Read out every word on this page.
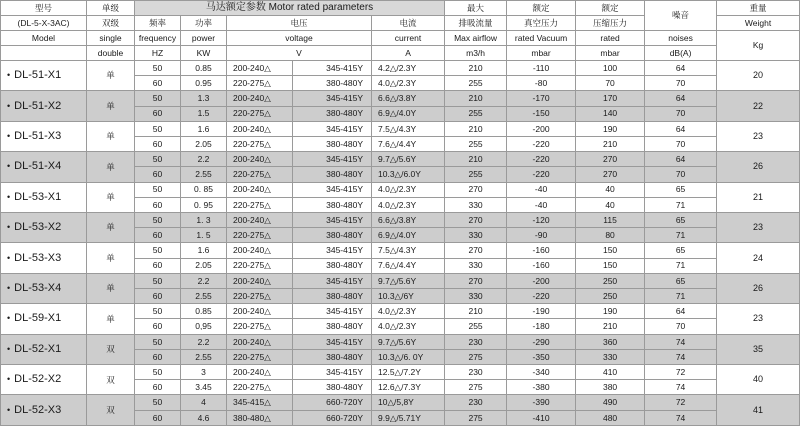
型号	单级	马达额定参数 Motor rated parameters					最大	额定	额定	噪音	重量
(DL-5-X-3AC)	双级	频率	功率	电压		电流	排吸流量	真空压力	压缩压力		Weight
Model	single	frequency	power	voltage		current	Max airflow	rated Vacuum	rated	noises	Kg
	double	HZ	KW	V		A	m3/h	mbar	mbar	dB(A)	
• DL-51-X1	单	50	0.85	200-240△	345-415Y	4.2△/2.3Y	210	-110	100	64	20
		60	0.95	220-275△	380-480Y	4.0△/2.3Y	255	-80	70	70	
• DL-51-X2	单	50	1.3	200-240△	345-415Y	6.6△/3.8Y	210	-170	170	64	22
		60	1.5	220-275△	380-480Y	6.9△/4.0Y	255	-150	140	70	
• DL-51-X3	单	50	1.6	200-240△	345-415Y	7.5△/4.3Y	210	-200	190	64	23
		60	2.05	220-275△	380-480Y	7.6△/4.4Y	255	-220	210	70	
• DL-51-X4	单	50	2.2	200-240△	345-415Y	9.7△/5.6Y	210	-220	270	64	26
		60	2.55	220-275△	380-480Y	10.3△/6.0Y	255	-220	270	70	
• DL-53-X1	单	50	0. 85	200-240△	345-415Y	4.0△/2.3Y	270	-40	40	65	21
		60	0. 95	220-275△	380-480Y	4.0△/2.3Y	330	-40	40	71	
• DL-53-X2	单	50	1. 3	200-240△	345-415Y	6.6△/3.8Y	270	-120	115	65	23
		60	1. 5	220-275△	380-480Y	6.9△/4.0Y	330	-90	80	71	
• DL-53-X3	单	50	1.6	200-240△	345-415Y	7.5△/4.3Y	270	-160	150	65	24
		60	2.05	220-275△	380-480Y	7.6△/4.4Y	330	-160	150	71	
• DL-53-X4	单	50	2.2	200-240△	345-415Y	9.7△/5.6Y	270	-200	250	65	26
		60	2.55	220-275△	380-480Y	10.3△/6Y	330	-220	250	71	
• DL-59-X1	单	50	0.85	200-240△	345-415Y	4.0△/2.3Y	210	-190	190	64	23
		60	0,95	220-275△	380-480Y	4.0△/2.3Y	255	-180	210	70	
• DL-52-X1	双	50	2.2	200-240△	345-415Y	9.7△/5.6Y	230	-290	360	74	35
		60	2.55	220-275△	380-480Y	10.3△/6. 0Y	275	-350	330	74	
• DL-52-X2	双	50	3	200-240△	345-415Y	12.5△/7.2Y	230	-340	410	72	40
		60	3.45	220-275△	380-480Y	12.6△/7.3Y	275	-380	380	74	
• DL-52-X3	双	50	4	345-415△	660-720Y	10△/5,8Y	230	-390	490	72	41
		60	4.6	380-480△	660-720Y	9.9△/5.71Y	275	-410	480	74	
